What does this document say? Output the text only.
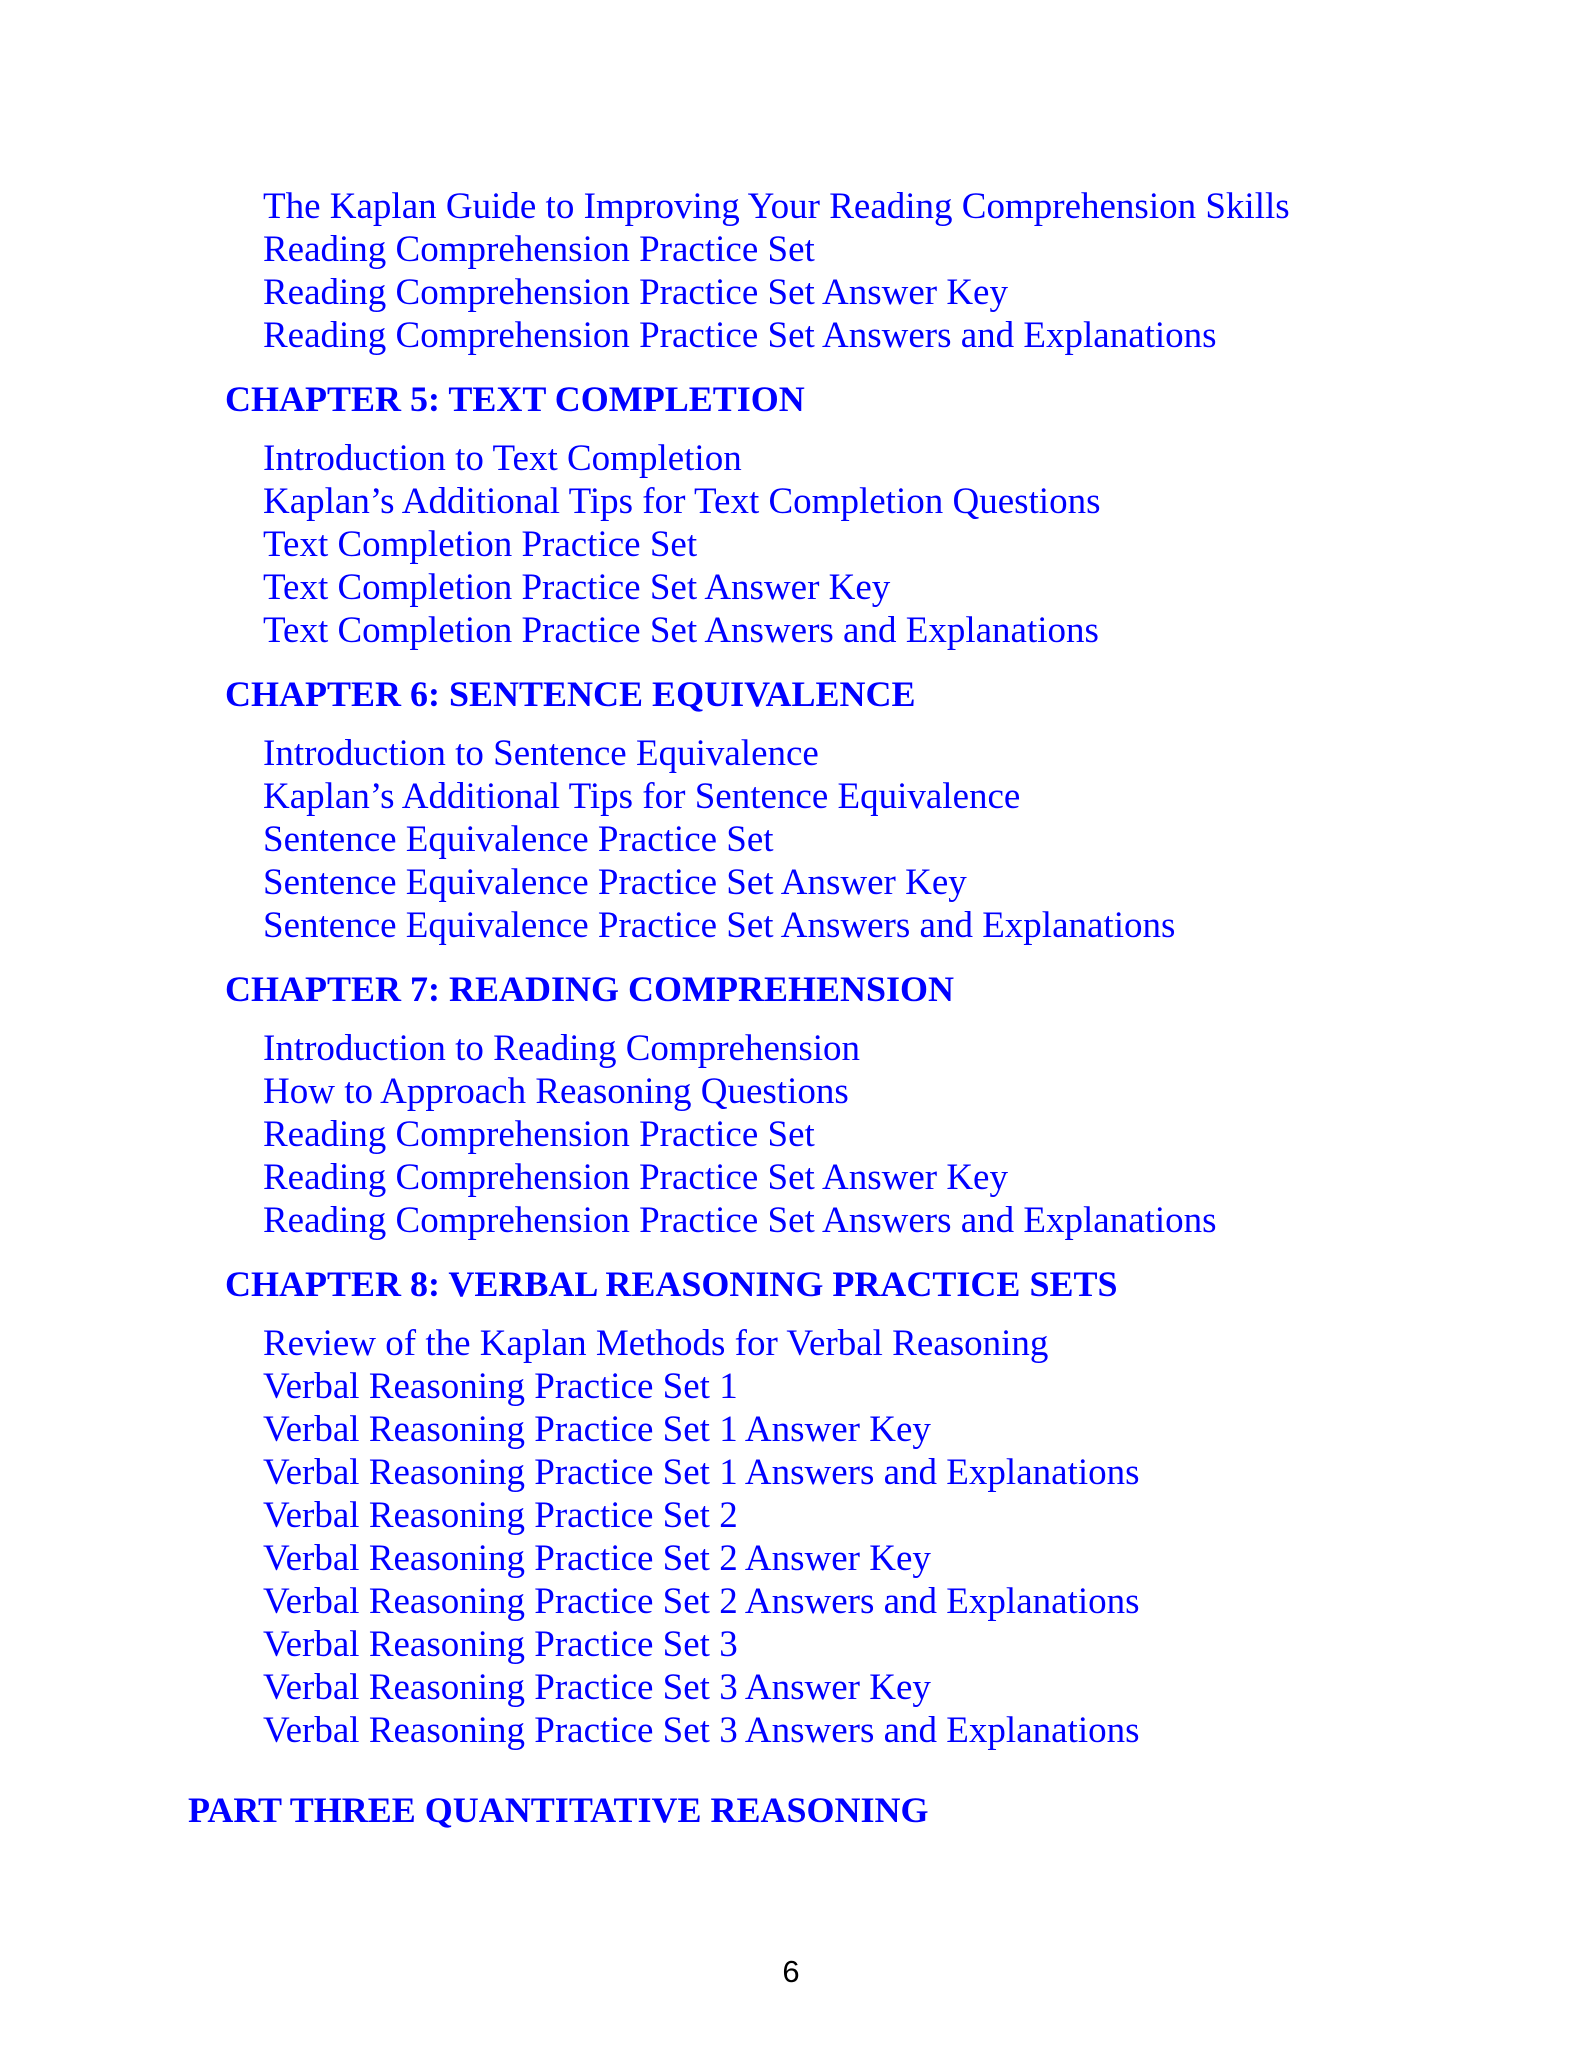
The Kaplan Guide to Improving Your Reading Comprehension Skills
Reading Comprehension Practice Set
Reading Comprehension Practice Set Answer Key
Reading Comprehension Practice Set Answers and Explanations
CHAPTER 5: TEXT COMPLETION
Introduction to Text Completion
Kaplan’s Additional Tips for Text Completion Questions
Text Completion Practice Set
Text Completion Practice Set Answer Key
Text Completion Practice Set Answers and Explanations
CHAPTER 6: SENTENCE EQUIVALENCE
Introduction to Sentence Equivalence
Kaplan’s Additional Tips for Sentence Equivalence
Sentence Equivalence Practice Set
Sentence Equivalence Practice Set Answer Key
Sentence Equivalence Practice Set Answers and Explanations
CHAPTER 7: READING COMPREHENSION
Introduction to Reading Comprehension
How to Approach Reasoning Questions
Reading Comprehension Practice Set
Reading Comprehension Practice Set Answer Key
Reading Comprehension Practice Set Answers and Explanations
CHAPTER 8: VERBAL REASONING PRACTICE SETS
Review of the Kaplan Methods for Verbal Reasoning
Verbal Reasoning Practice Set 1
Verbal Reasoning Practice Set 1 Answer Key
Verbal Reasoning Practice Set 1 Answers and Explanations
Verbal Reasoning Practice Set 2
Verbal Reasoning Practice Set 2 Answer Key
Verbal Reasoning Practice Set 2 Answers and Explanations
Verbal Reasoning Practice Set 3
Verbal Reasoning Practice Set 3 Answer Key
Verbal Reasoning Practice Set 3 Answers and Explanations
PART THREE QUANTITATIVE REASONING
6
